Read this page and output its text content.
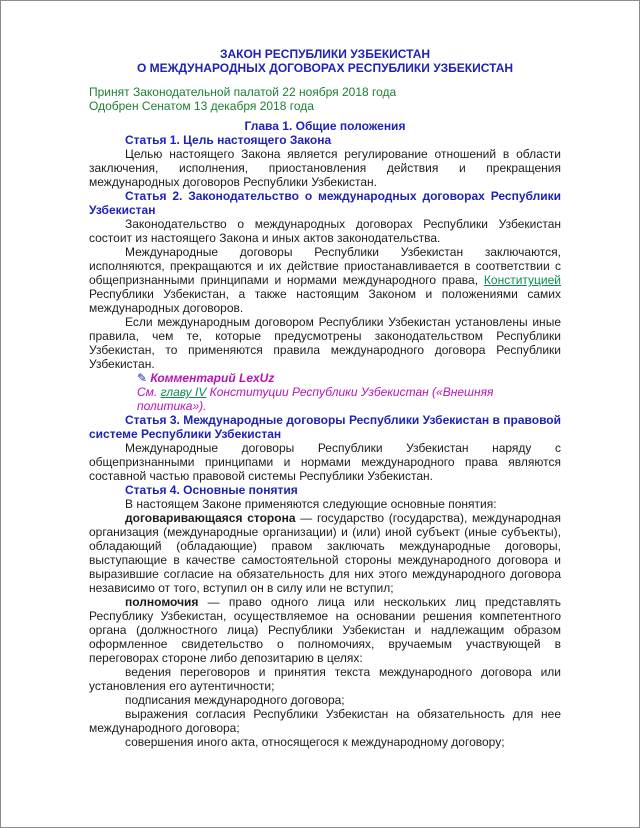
ЗАКОН РЕСПУБЛИКИ УЗБЕКИСТАН
О МЕЖДУНАРОДНЫХ ДОГОВОРАХ РЕСПУБЛИКИ УЗБЕКИСТАН
Принят Законодательной палатой 22 ноября 2018 года
Одобрен Сенатом 13 декабря 2018 года
Глава 1. Общие положения

Статья 1. Цель настоящего Закона

Целью настоящего Закона является регулирование отношений в области заключения, исполнения, приостановления действия и прекращения международных договоров Республики Узбекистан.

Статья 2. Законодательство о международных договорах Республики Узбекистан

Законодательство о международных договорах Республики Узбекистан состоит из настоящего Закона и иных актов законодательства.

Международные договоры Республики Узбекистан заключаются, исполняются, прекращаются и их действие приостанавливается в соответствии с общепризнанными принципами и нормами международного права, Конституцией Республики Узбекистан, а также настоящим Законом и положениями самих международных договоров.

Если международным договором Республики Узбекистан установлены иные правила, чем те, которые предусмотрены законодательством Республики Узбекистан, то применяются правила международного договора Республики Узбекистан.

✎ Комментарий LexUz
См. главу IV Конституции Республики Узбекистан («Внешняя политика»).

Статья 3. Международные договоры Республики Узбекистан в правовой системе Республики Узбекистан

Международные договоры Республики Узбекистан наряду с общепризнанными принципами и нормами международного права являются составной частью правовой системы Республики Узбекистан.

Статья 4. Основные понятия

В настоящем Законе применяются следующие основные понятия:

договаривающаяся сторона — государство (государства), международная организация (международные организации) и (или) иной субъект (иные субъекты), обладающий (обладающие) правом заключать международные договоры, выступающие в качестве самостоятельной стороны международного договора и выразившие согласие на обязательность для них этого международного договора независимо от того, вступил он в силу или не вступил;

полномочия — право одного лица или нескольких лиц представлять Республику Узбекистан, осуществляемое на основании решения компетентного органа (должностного лица) Республики Узбекистан и надлежащим образом оформленное свидетельство о полномочиях, вручаемым участвующей в переговорах стороне либо депозитарию в целях:

ведения переговоров и принятия текста международного договора или установления его аутентичности;

подписания международного договора;

выражения согласия Республики Узбекистан на обязательность для нее международного договора;

совершения иного акта, относящегося к международному договору;
